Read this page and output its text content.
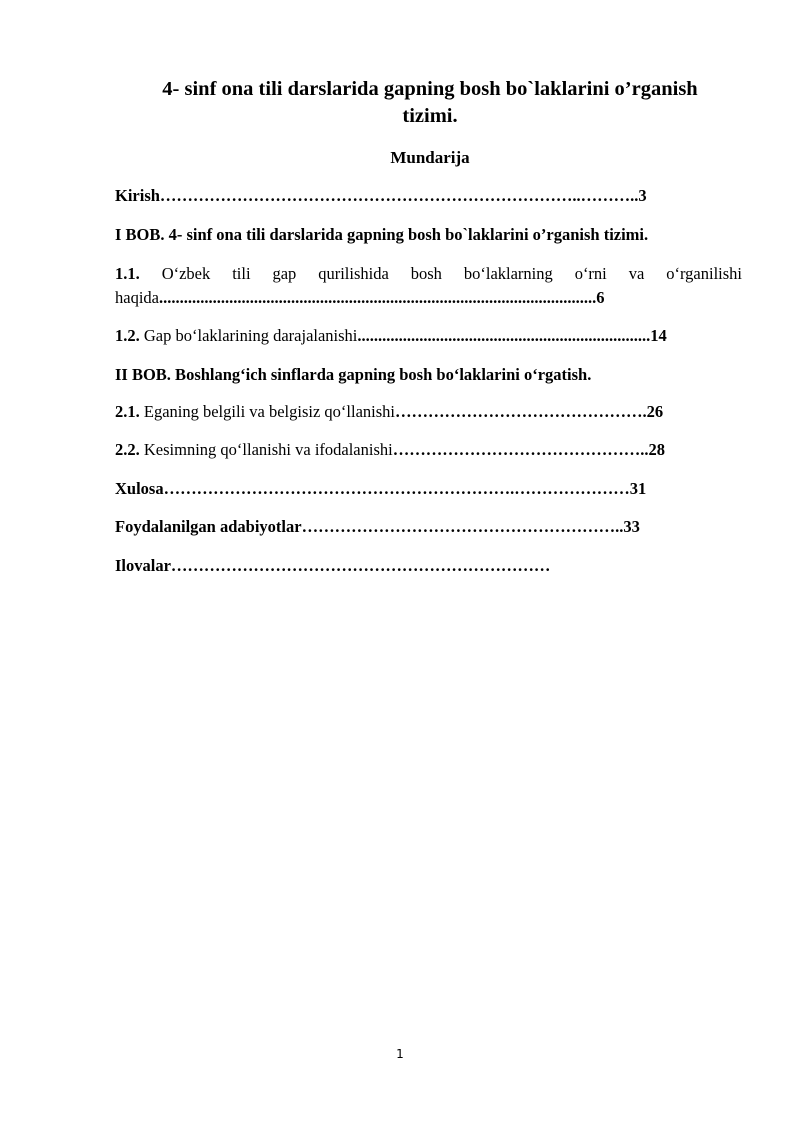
4- sinf ona tili darslarida gapning bosh bo`laklarini o’rganish
tizimi.
Mundarija
Kirish…………………………………………………………………..………..3
I BOB. 4- sinf ona tili darslarida gapning bosh bo`laklarini o’rganish tizimi.
1.1. O‘zbek tili gap qurilishida bosh bo‘laklarning o‘rni va o‘rganilishi
haqida..........................................................................................................6
1.2. Gap bo‘laklarining darajalanishi.......................................................................14
II BOB. Boshlang‘ich sinflarda gapning bosh bo‘laklarini o‘rgatish.
2.1. Eganing belgili va belgisiz qo‘llanishi……………………………………….26
2.2. Kesimning qo‘llanishi va ifodalanishi………………………………………..28
Xulosa……………………………………………………….…………………31
Foydalanilgan adabiyotlar…………………………………………………..33
Ilovalar……………………………………………………………
1
